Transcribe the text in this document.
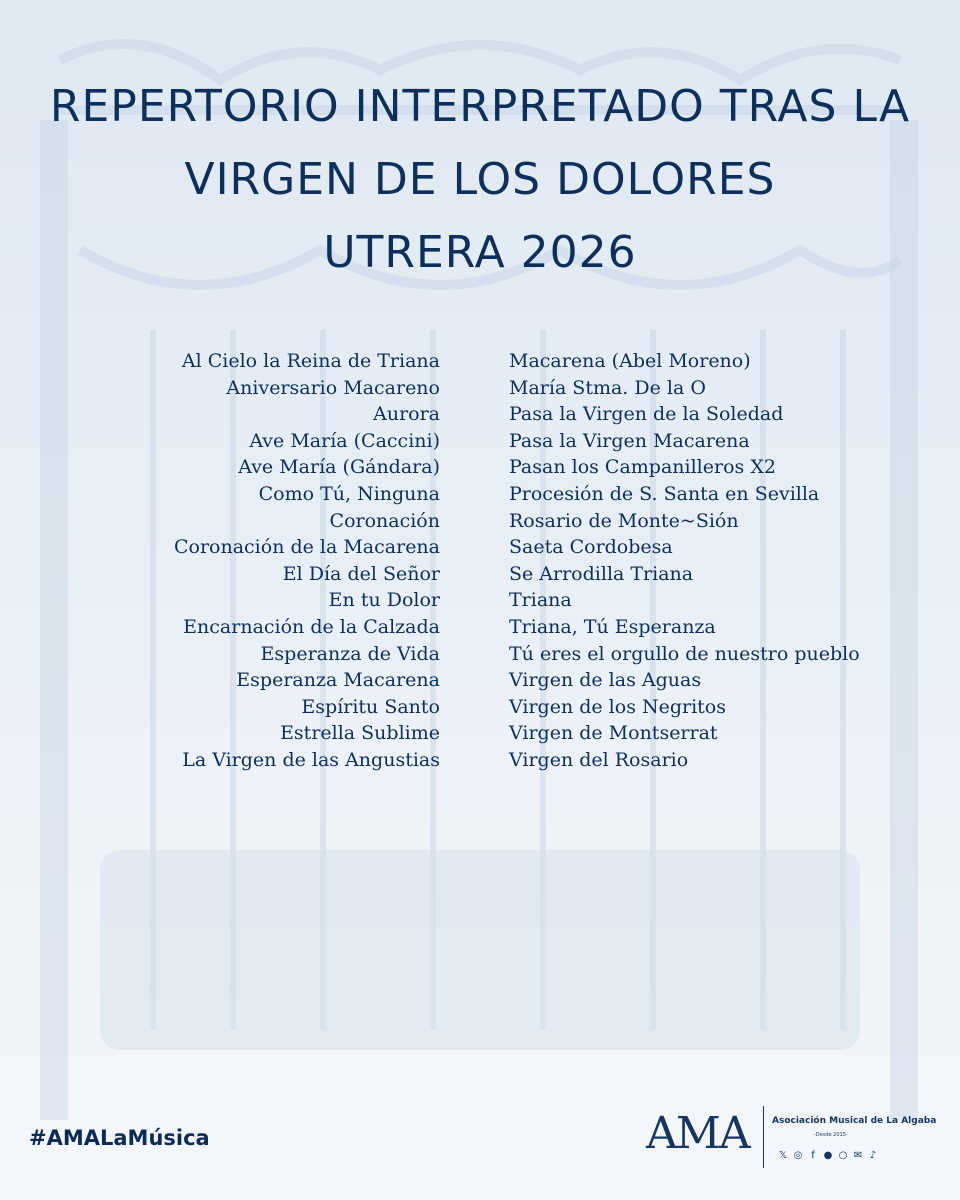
REPERTORIO INTERPRETADO TRAS LA
VIRGEN DE LOS DOLORES
UTRERA 2026
Al Cielo la Reina de Triana
Aniversario Macareno
Aurora
Ave María (Caccini)
Ave María (Gándara)
Como Tú, Ninguna
Coronación
Coronación de la Macarena
El Día del Señor
En tu Dolor
Encarnación de la Calzada
Esperanza de Vida
Esperanza Macarena
Espíritu Santo
Estrella Sublime
La Virgen de las Angustias
Macarena (Abel Moreno)
María Stma. De la O
Pasa la Virgen de la Soledad
Pasa la Virgen Macarena
Pasan los Campanilleros X2
Procesión de S. Santa en Sevilla
Rosario de Monte~Sión
Saeta Cordobesa
Se Arrodilla Triana
Triana
Triana, Tú Esperanza
Tú eres el orgullo de nuestro pueblo
Virgen de las Aguas
Virgen de los Negritos
Virgen de Montserrat
Virgen del Rosario
#AMALaMúsica	AMA	Asociación Musical de La Algaba
-Desde 2015-
𝕏 ◎ f ● ○ ✉ ♪
